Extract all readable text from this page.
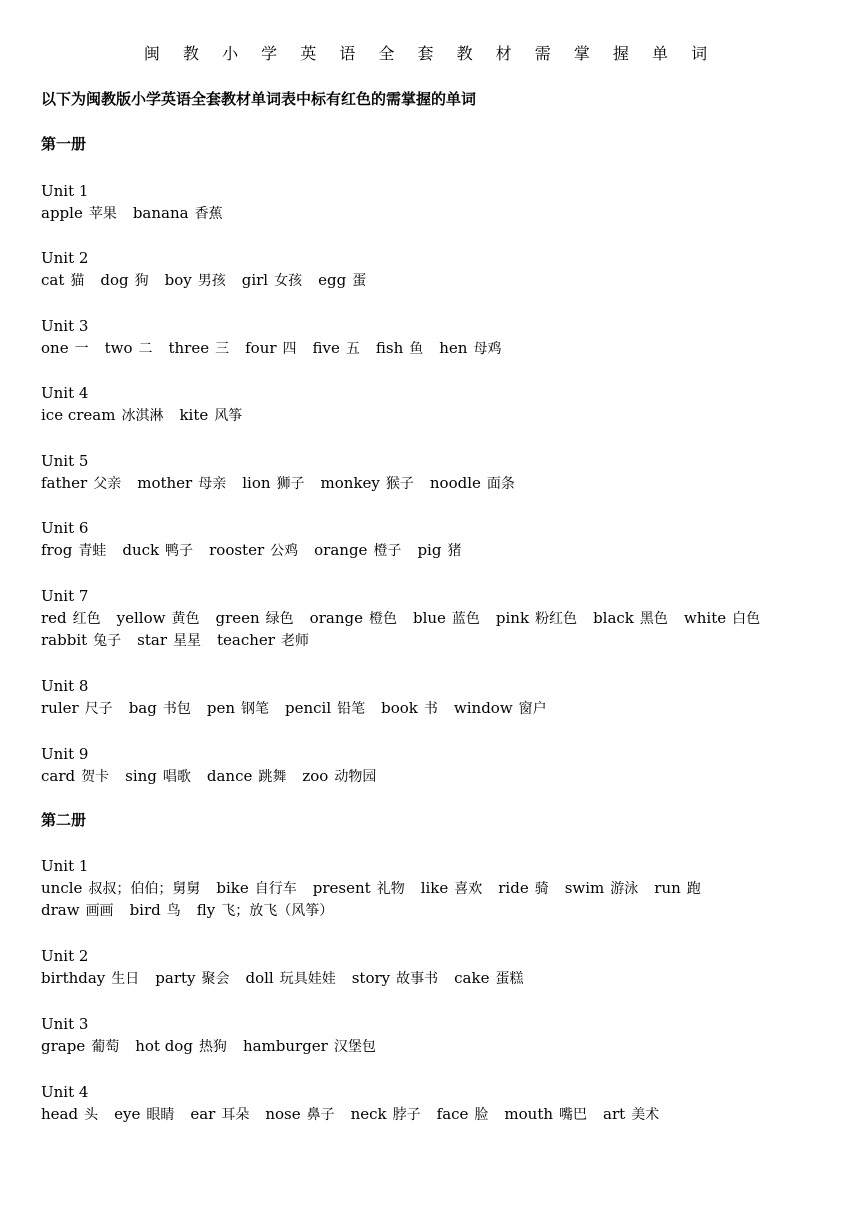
闽 教 小 学 英 语 全 套 教 材 需 掌 握 单 词
以下为闽教版小学英语全套教材单词表中标有红色的需掌握的单词
第一册
Unit 1
apple 苹果 banana 香蕉
Unit 2
cat 猫 dog 狗 boy 男孩 girl 女孩 egg 蛋
Unit 3
one 一 two 二 three 三 four 四 five 五 fish 鱼 hen 母鸡
Unit 4
ice cream 冰淇淋 kite 风筝
Unit 5
father 父亲 mother 母亲 lion 狮子 monkey 猴子 noodle 面条
Unit 6
frog 青蛙 duck 鸭子 rooster 公鸡 orange 橙子 pig 猪
Unit 7
red 红色 yellow 黄色 green 绿色 orange 橙色 blue 蓝色 pink 粉红色 black 黑色 white 白色
rabbit 兔子 star 星星 teacher 老师
Unit 8
ruler 尺子 bag 书包 pen 钢笔 pencil 铅笔 book 书 window 窗户
Unit 9
card 贺卡 sing 唱歌 dance 跳舞 zoo 动物园
第二册
Unit 1
uncle 叔叔；伯伯；舅舅 bike 自行车 present 礼物 like 喜欢 ride 骑 swim 游泳 run 跑
draw 画画 bird 鸟 fly 飞；放飞（风筝）
Unit 2
birthday 生日 party 聚会 doll 玩具娃娃 story 故事书 cake 蛋糕
Unit 3
grape 葡萄 hot dog 热狗 hamburger 汉堡包
Unit 4
head 头 eye 眼睛 ear 耳朵 nose 鼻子 neck 脖子 face 脸 mouth 嘴巴 art 美术
